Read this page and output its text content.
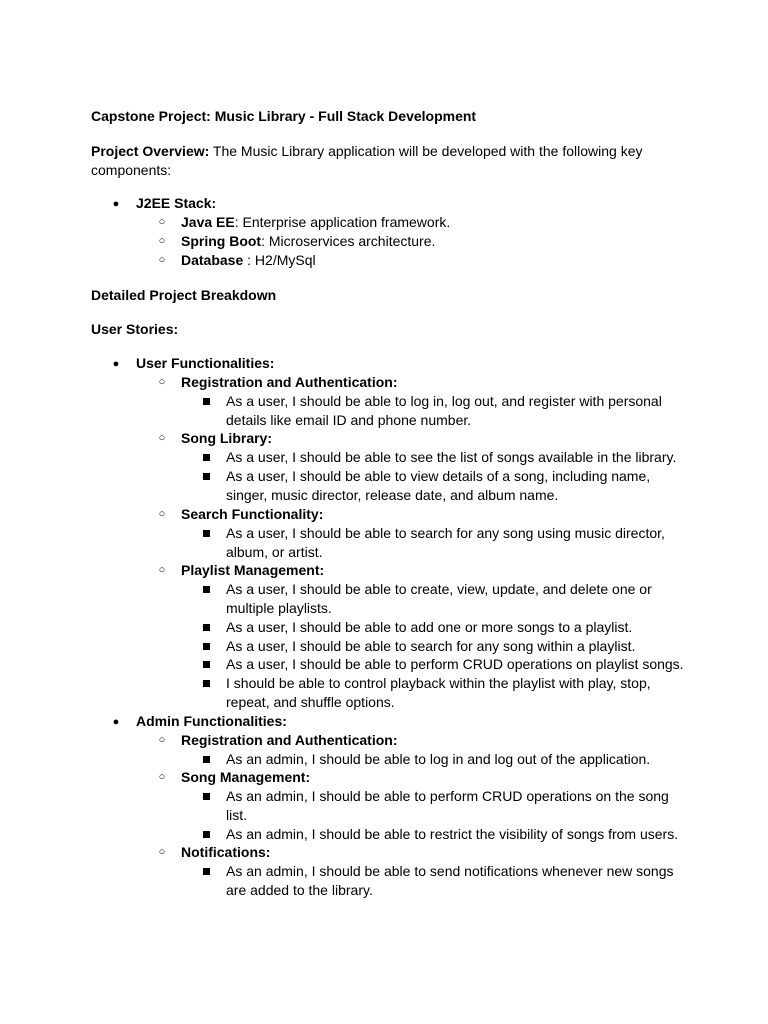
Capstone Project: Music Library - Full Stack Development
Project Overview: The Music Library application will be developed with the following key components:
● J2EE Stack:
○ Java EE: Enterprise application framework.
○ Spring Boot: Microservices architecture.
○ Database : H2/MySql
Detailed Project Breakdown
User Stories:
● User Functionalities:
○ Registration and Authentication:
As a user, I should be able to log in, log out, and register with personal details like email ID and phone number.
○ Song Library:
As a user, I should be able to see the list of songs available in the library.
As a user, I should be able to view details of a song, including name, singer, music director, release date, and album name.
○ Search Functionality:
As a user, I should be able to search for any song using music director, album, or artist.
○ Playlist Management:
As a user, I should be able to create, view, update, and delete one or multiple playlists.
As a user, I should be able to add one or more songs to a playlist.
As a user, I should be able to search for any song within a playlist.
As a user, I should be able to perform CRUD operations on playlist songs.
I should be able to control playback within the playlist with play, stop, repeat, and shuffle options.
● Admin Functionalities:
○ Registration and Authentication:
As an admin, I should be able to log in and log out of the application.
○ Song Management:
As an admin, I should be able to perform CRUD operations on the song list.
As an admin, I should be able to restrict the visibility of songs from users.
○ Notifications:
As an admin, I should be able to send notifications whenever new songs are added to the library.
